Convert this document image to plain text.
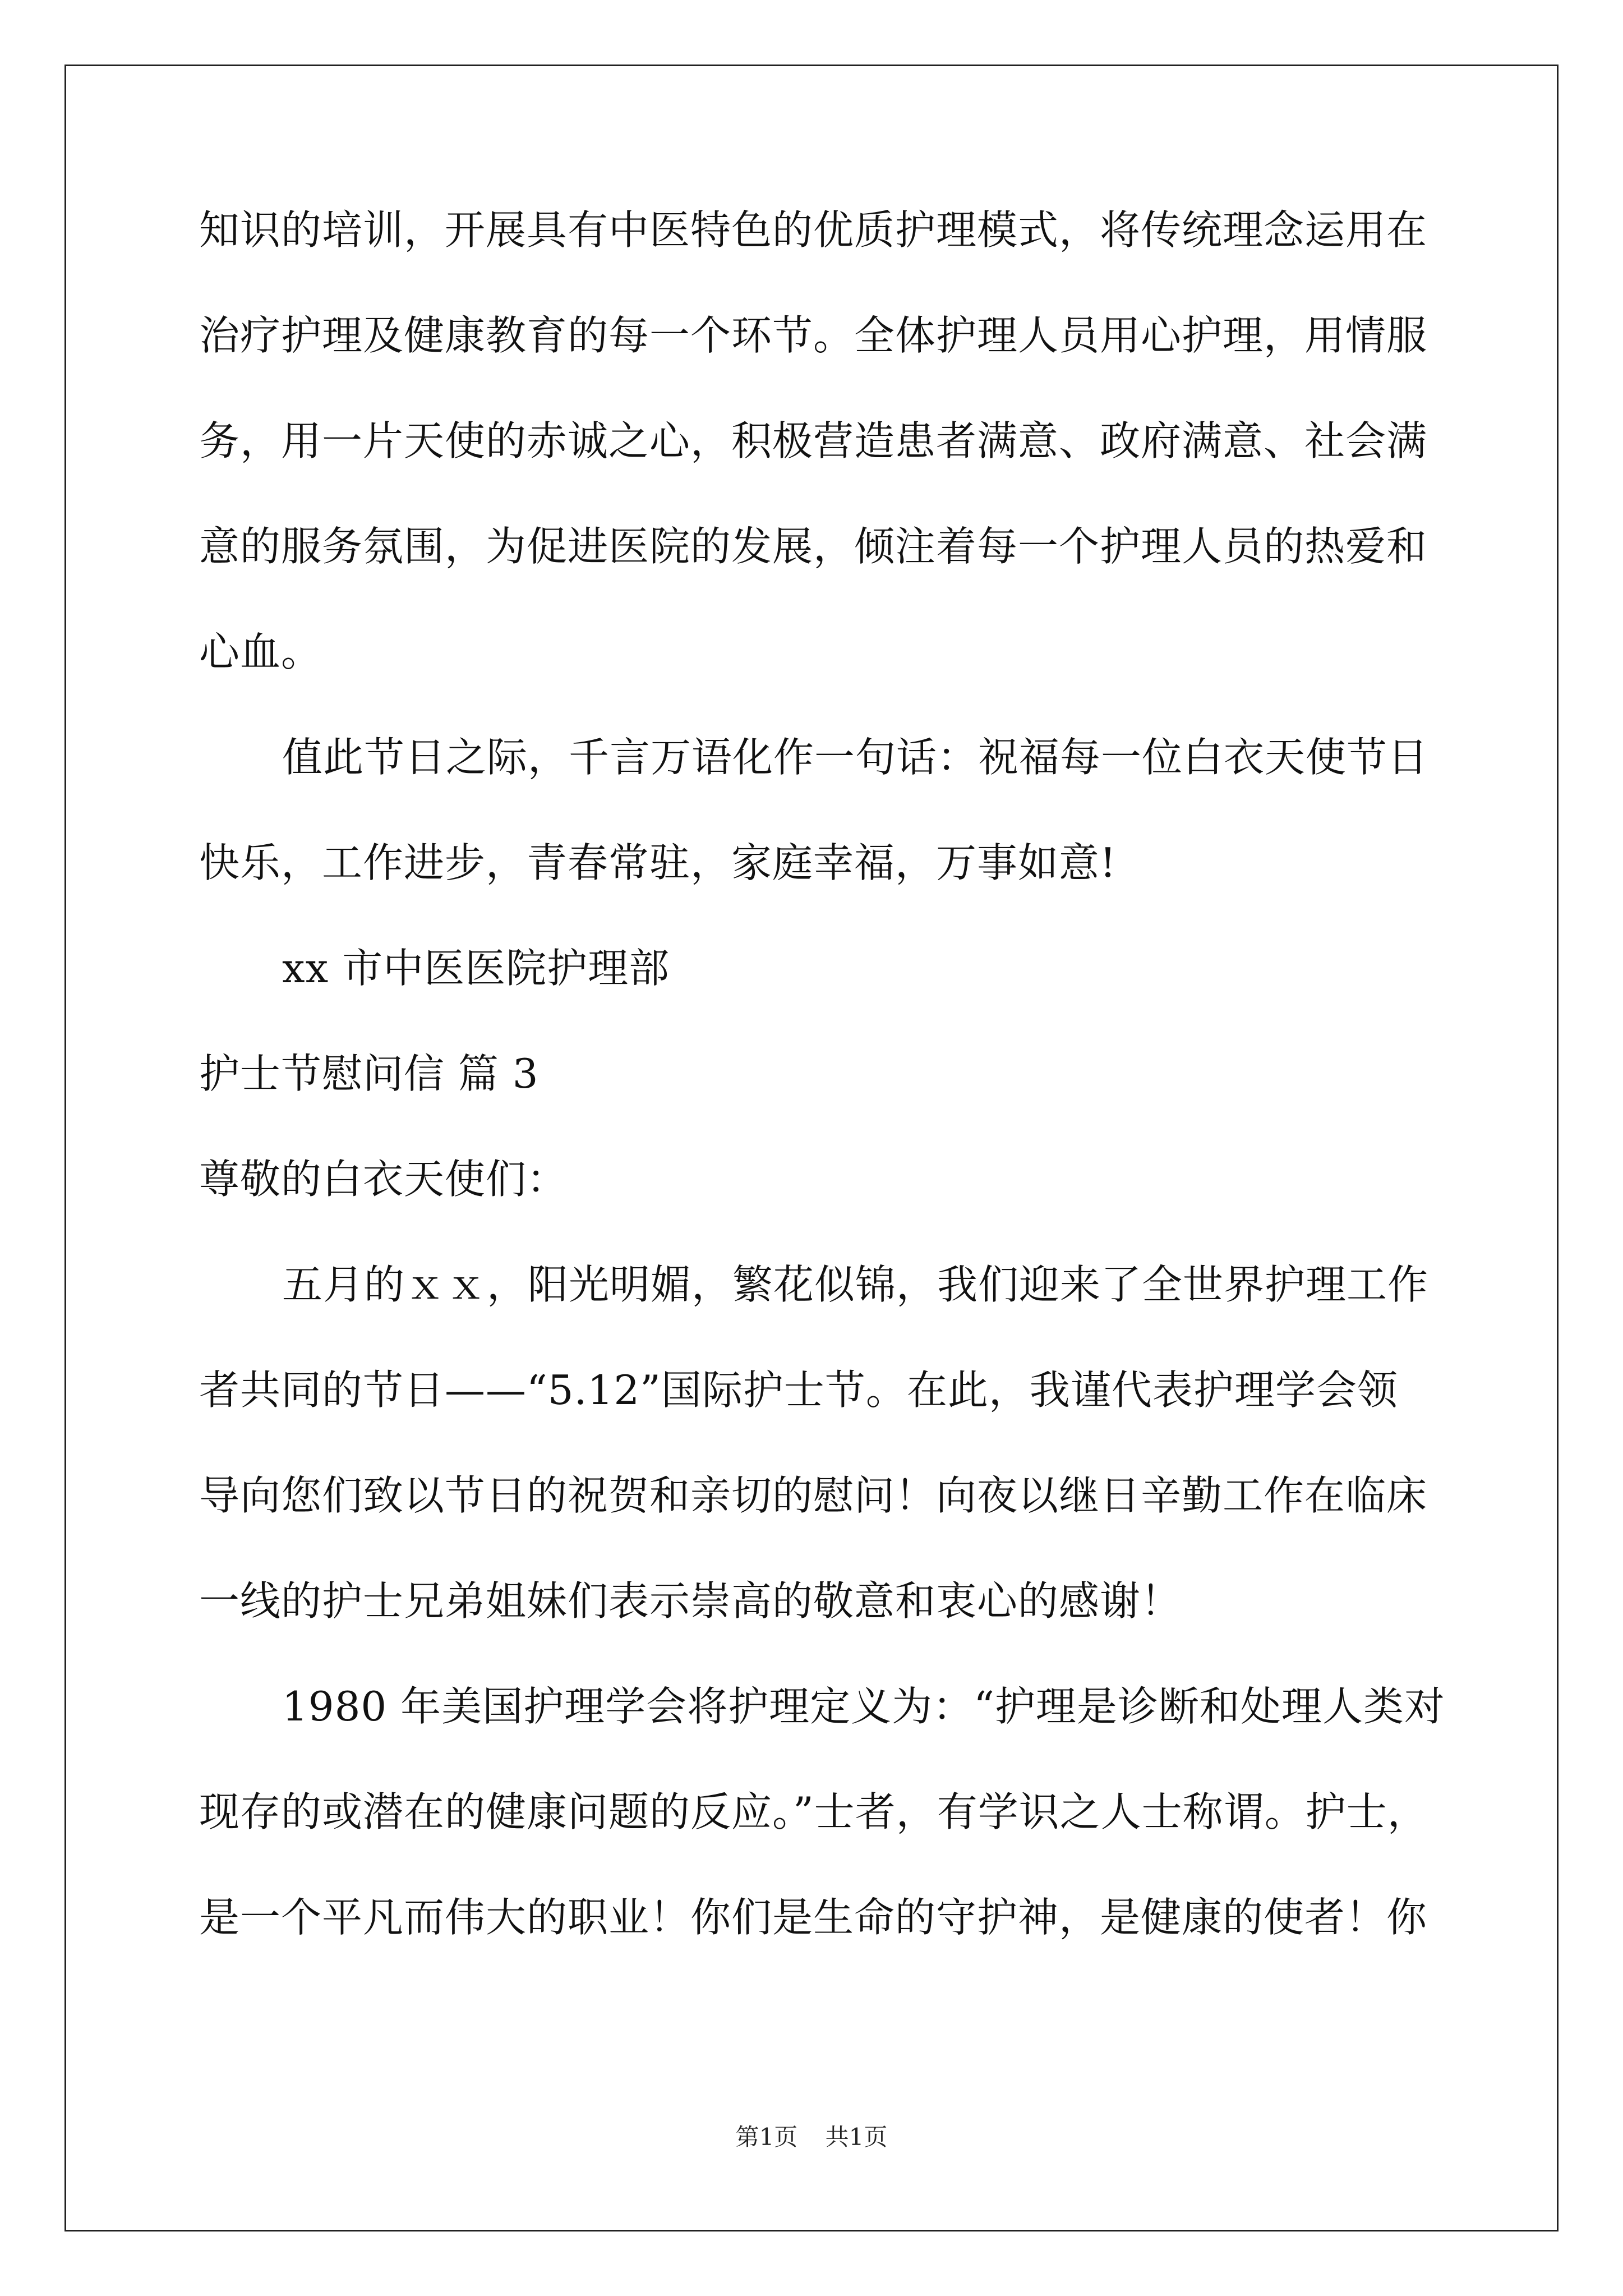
知识的培训，开展具有中医特色的优质护理模式，将传统理念运用在
治疗护理及健康教育的每一个环节。全体护理人员用心护理，用情服
务，用一片天使的赤诚之心，积极营造患者满意、政府满意、社会满
意的服务氛围，为促进医院的发展，倾注着每一个护理人员的热爱和
心血。
值此节日之际，千言万语化作一句话：祝福每一位白衣天使节日
快乐，工作进步，青春常驻，家庭幸福，万事如意!
xx 市中医医院护理部
护士节慰问信 篇 3
尊敬的白衣天使们：
五月的ｘｘ，阳光明媚，繁花似锦，我们迎来了全世界护理工作
者共同的节日——“5.12”国际护士节。在此，我谨代表护理学会领
导向您们致以节日的祝贺和亲切的慰问！向夜以继日辛勤工作在临床
一线的护士兄弟姐妹们表示崇高的敬意和衷心的感谢！
1980 年美国护理学会将护理定义为：“护理是诊断和处理人类对
现存的或潜在的健康问题的反应。”士者，有学识之人士称谓。护士，
是一个平凡而伟大的职业！你们是生命的守护神，是健康的使者！你
第1页 共1页
